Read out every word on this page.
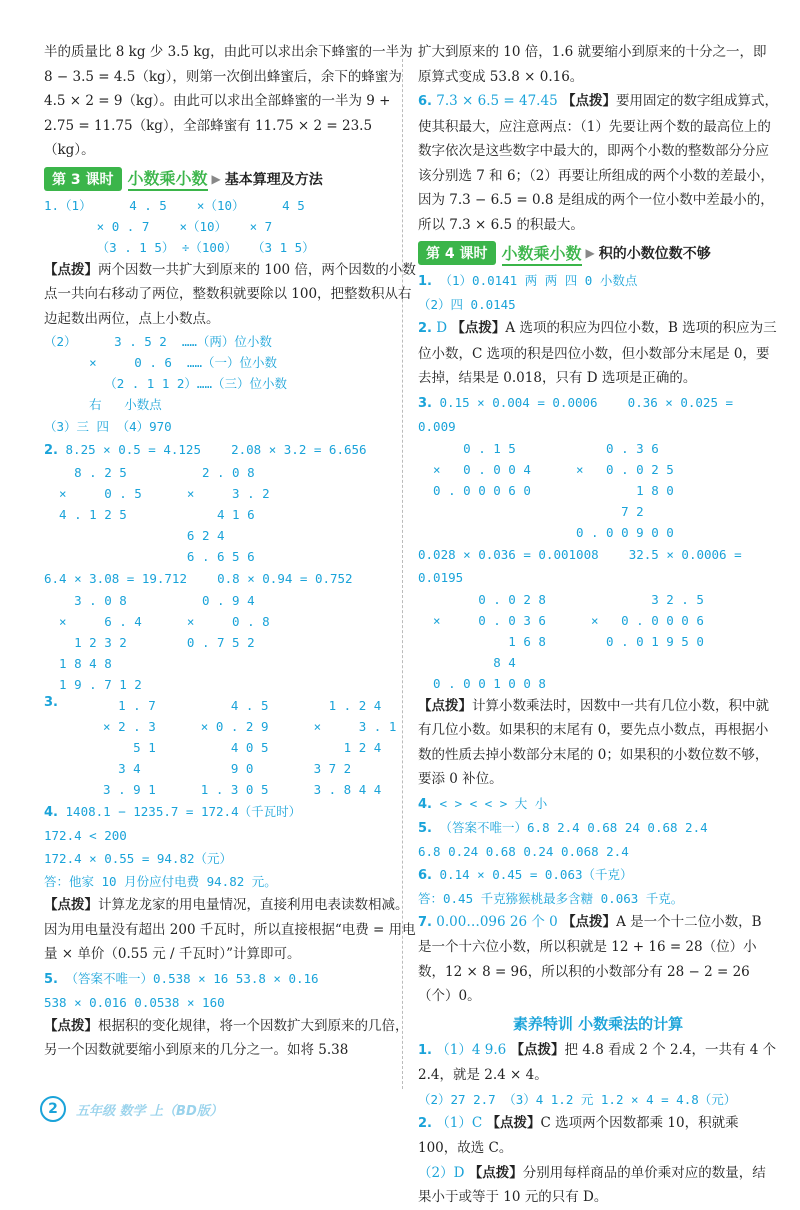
半的质量比 8 kg 少 3.5 kg，由此可以求出余下蜂蜜的一半为 8 − 3.5 = 4.5（kg），则第一次倒出蜂蜜后，余下的蜂蜜为 4.5 × 2 = 9（kg）。由此可以求出全部蜂蜜的一半为 9 + 2.75 = 11.75（kg），全部蜂蜜有 11.75 × 2 = 23.5（kg）。

第 3 课时 小数乘小数 ▶ 基本算理及方法
1.（1）     4 . 5    ×（10）     4 5
× 0 . 7    ×（10）   × 7
（3 . 1 5） ÷（100）  （3 1 5）

【点拨】两个因数一共扩大到原来的 100 倍，两个因数的小数点一共向右移动了两位，整数积就要除以 100，把整数积从右边起数出两位，点上小数点。

（2）     3 . 5 2  ……（两）位小数
×     0 . 6  ……（一）位小数
（2 . 1 1 2）……（三）位小数
右   小数点

（3）三 四 （4）970

2. 8.25 × 0.5 = 4.125 2.08 × 3.2 = 6.656

8 . 2 5
×     0 . 5
4 . 1 2 5
2 . 0 8
×     3 . 2
4 1 6
6 2 4
6 . 6 5 6

6.4 × 3.08 = 19.712 0.8 × 0.94 = 0.752

3 . 0 8
×     6 . 4
1 2 3 2
1 8 4 8
1 9 . 7 1 2
0 . 9 4
×     0 . 8
0 . 7 5 2
3.	1 . 7
× 2 . 3
5 1
3 4
3 . 9 1
4 . 5
× 0 . 2 9
4 0 5
9 0
1 . 3 0 5
1 . 2 4
×     3 . 1
1 2 4
3 7 2
3 . 8 4 4

4. 1408.1 − 1235.7 = 172.4（千瓦时）

172.4 < 200

172.4 × 0.55 = 94.82（元）

答：他家 10 月份应付电费 94.82 元。

【点拨】计算龙龙家的用电量情况，直接利用电表读数相减。因为用电量没有超出 200 千瓦时，所以直接根据“电费 = 用电量 × 单价（0.55 元 / 千瓦时）”计算即可。

5. （答案不唯一）0.538 × 16 53.8 × 0.16

538 × 0.016 0.0538 × 160

【点拨】根据积的变化规律，将一个因数扩大到原来的几倍，另一个因数就要缩小到原来的几分之一。如将 5.38

扩大到原来的 10 倍，1.6 就要缩小到原来的十分之一，即原算式变成 53.8 × 0.16。

6. 7.3 × 6.5 = 47.45 【点拨】要用固定的数字组成算式，使其积最大，应注意两点：（1）先要让两个数的最高位上的数字依次是这些数字中最大的，即两个小数的整数部分分应该分别选 7 和 6；（2）再要让所组成的两个小数的差最小，因为 7.3 − 6.5 = 0.8 是组成的两个一位小数中差最小的，所以 7.3 × 6.5 的积最大。

第 4 课时 小数乘小数 ▶ 积的小数位数不够

1. （1）0.0141 两 两 四 0 小数点

（2）四 0.0145

2. D 【点拨】A 选项的积应为四位小数，B 选项的积应为三位小数，C 选项的积是四位小数，但小数部分末尾是 0，要去掉，结果是 0.018，只有 D 选项是正确的。

3. 0.15 × 0.004 = 0.0006 0.36 × 0.025 = 0.009

0 . 1 5
×   0 . 0 0 4
0 . 0 0 0 6 0
0 . 3 6
×   0 . 0 2 5
1 8 0
7 2
0 . 0 0 9 0 0

0.028 × 0.036 = 0.001008 32.5 × 0.0006 = 0.0195

0 . 0 2 8
×     0 . 0 3 6
1 6 8
8 4
0 . 0 0 1 0 0 8
3 2 . 5
×   0 . 0 0 0 6
0 . 0 1 9 5 0

【点拨】计算小数乘法时，因数中一共有几位小数，积中就有几位小数。如果积的末尾有 0，要先点小数点，再根据小数的性质去掉小数部分末尾的 0；如果积的小数位数不够，要添 0 补位。

4. < > < < > 大 小

5. （答案不唯一）6.8 2.4 0.68 24 0.68 2.4

6.8 0.24 0.68 0.24 0.068 2.4

6. 0.14 × 0.45 = 0.063（千克）

答：0.45 千克猕猴桃最多含糖 0.063 千克。

7. 0.00…096 26 个 0 【点拨】A 是一个十二位小数，B 是一个十六位小数，所以积就是 12 + 16 = 28（位）小数，12 × 8 = 96，所以积的小数部分有 28 − 2 = 26（个）0。

素养特训 小数乘法的计算

1. （1）4 9.6 【点拨】把 4.8 看成 2 个 2.4，一共有 4 个 2.4，就是 2.4 × 4。

（2）27 2.7 （3）4 1.2 元 1.2 × 4 = 4.8（元）

2. （1）C 【点拨】C 选项两个因数都乘 10，积就乘 100，故选 C。

（2）D 【点拨】分别用每样商品的单价乘对应的数量，结果小于或等于 10 元的只有 D。

2	五年级 数学 上（BD版）
